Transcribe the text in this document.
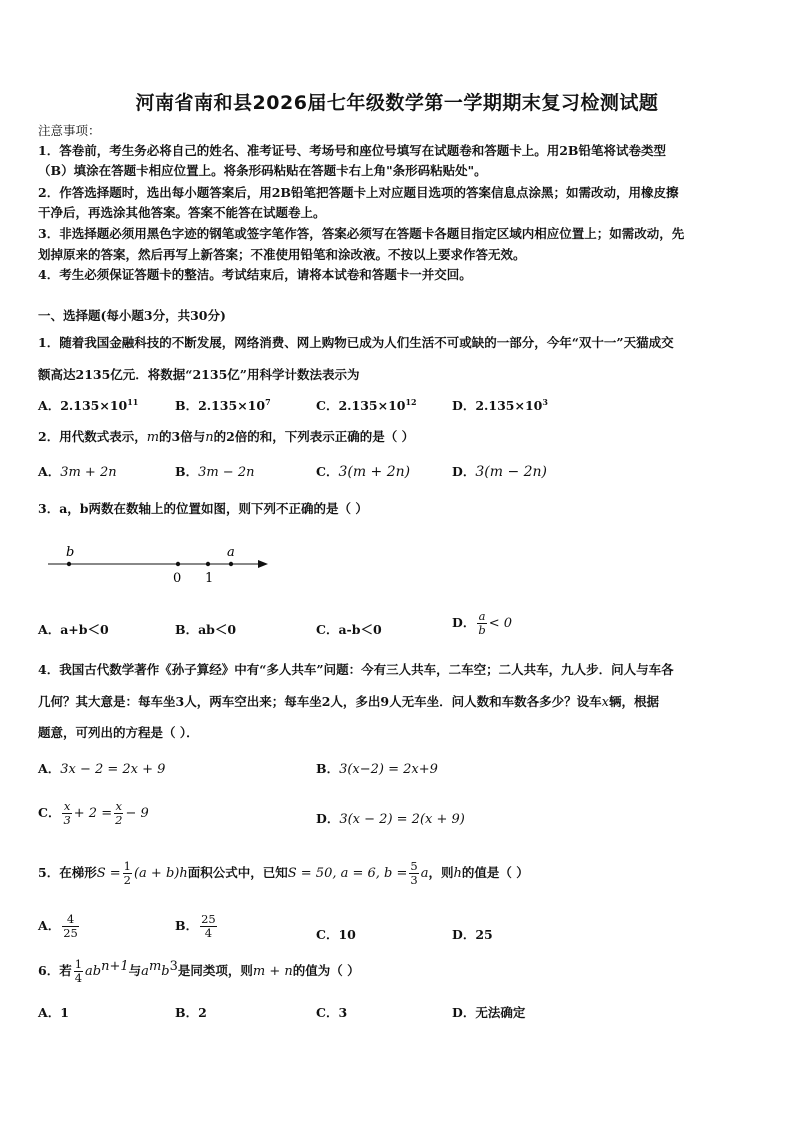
河南省南和县2026届七年级数学第一学期期末复习检测试题
注意事项：
1．答卷前，考生务必将自己的姓名、准考证号、考场号和座位号填写在试题卷和答题卡上。用2B铅笔将试卷类型
（B）填涂在答题卡相应位置上。将条形码粘贴在答题卡右上角"条形码粘贴处"。
2．作答选择题时，选出每小题答案后，用2B铅笔把答题卡上对应题目选项的答案信息点涂黑；如需改动，用橡皮擦
干净后，再选涂其他答案。答案不能答在试题卷上。
3．非选择题必须用黑色字迹的钢笔或签字笔作答，答案必须写在答题卡各题目指定区域内相应位置上；如需改动，先
划掉原来的答案，然后再写上新答案；不准使用铅笔和涂改液。不按以上要求作答无效。
4．考生必须保证答题卡的整洁。考试结束后，请将本试卷和答题卡一并交回。
一、选择题(每小题3分，共30分)
1．随着我国金融科技的不断发展，网络消费、网上购物已成为人们生活不可或缺的一部分，今年“双十一”天猫成交
额高达2135亿元．将数据“2135亿”用科学计数法表示为
A．$2.135\times 10^{11}$	B．$2.135\times 10^7$	C．$2.135\times 10^{12}$	D．$2.135\times 10^3$
2．用代数式表示，m的3倍与n的2倍的和，下列表示正确的是（ ）
A．3m + 2n	B．3m − 2n	C．3(m + 2n)	D．3(m − 2n)
3．a，b两数在数轴上的位置如图，则下列不正确的是（ ）
b	a
0 1
A．a+b＜0	B．ab＜0	C．a-b＜0	D． $\frac{a}{b} < 0$
4．我国古代数学著作《孙子算经》中有“多人共车”问题：今有三人共车，二车空；二人共车，九人步．问人与车各
几何？其大意是：每车坐3人，两车空出来；每车坐2人，多出9人无车坐．问人数和车数各多少？设车x辆，根据
题意，可列出的方程是（ ）．
A．3x − 2 = 2x + 9	B．3(x−2) = 2x+9
C． $\frac{x}{3} + 2 = \frac{x}{2} - 9$	D．3(x − 2) = 2(x + 9)
5．在梯形$S = \frac{1}{2} (a + b)h$面积公式中，已知S = 50, a = 6, $b = \frac{5}{3}$ a，则h的值是（ ）
A． $\frac{4}{25}$	B． $\frac{25}{4}$	C．10	D．25
6．若 $\frac{1}{4} ab^{n+1}$与$a^mb^3$是同类项，则m + n的值为（ ）
A．1	B．2	C．3	D．无法确定
